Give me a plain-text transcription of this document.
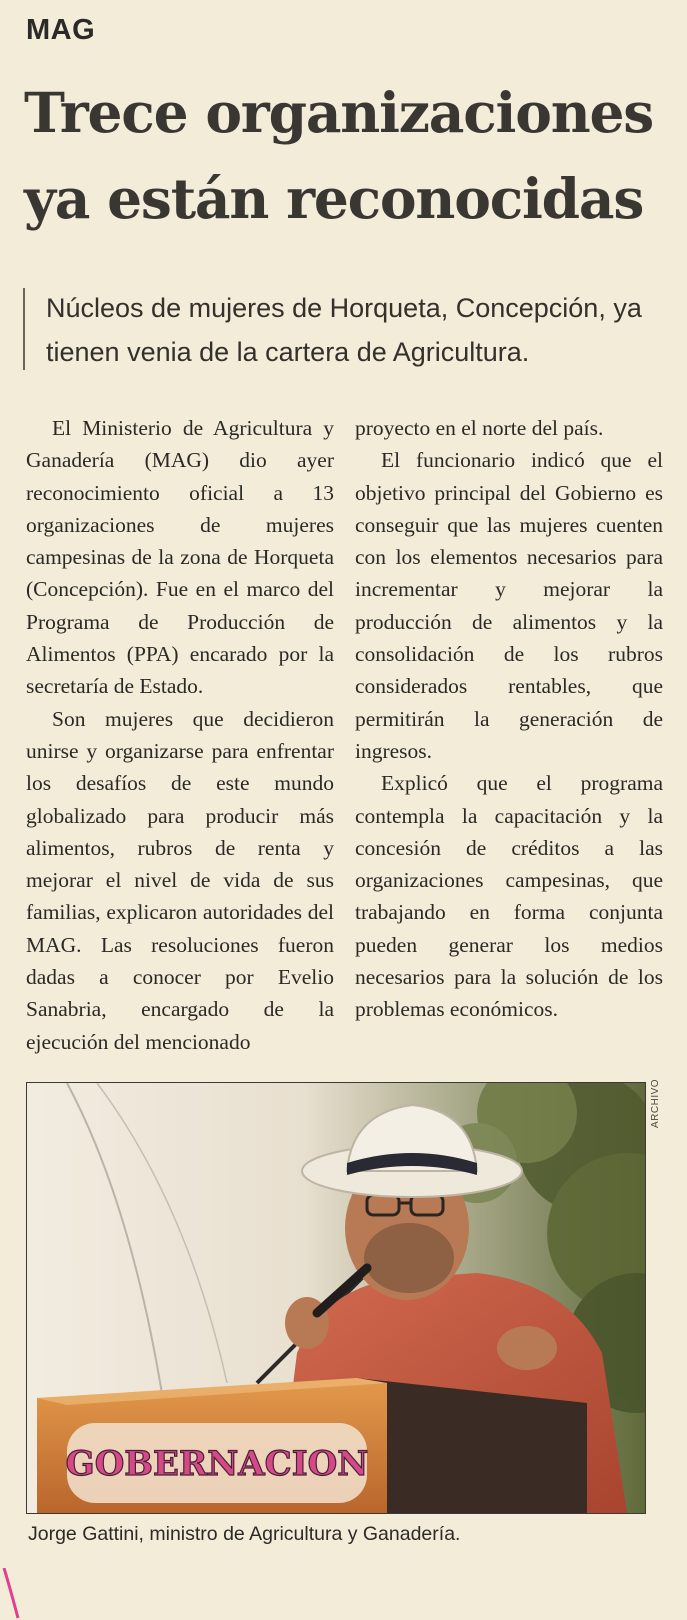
MAG
Trece organizaciones
ya están reconocidas

Núcleos de mujeres de Horqueta, Concepción, ya
tienen venia de la cartera de Agricultura.

El Ministerio de Agricultura y Ganadería (MAG) dio ayer reconocimiento oficial a 13 organizaciones de mujeres campesinas de la zona de Horqueta (Concepción). Fue en el marco del Programa de Producción de Alimentos (PPA) encarado por la secretaría de Estado.

Son mujeres que decidieron unirse y organizarse para enfrentar los desafíos de este mundo globalizado para producir más alimentos, rubros de renta y mejorar el nivel de vida de sus familias, explicaron autoridades del MAG. Las resoluciones fueron dadas a conocer por Evelio Sanabria, encargado de la ejecución del mencionado

proyecto en el norte del país.

El funcionario indicó que el objetivo principal del Gobierno es conseguir que las mujeres cuenten con los elementos necesarios para incrementar y mejorar la producción de alimentos y la consolidación de los rubros considerados rentables, que permitirán la generación de ingresos.

Explicó que el programa contempla la capacitación y la concesión de créditos a las organizaciones campesinas, que trabajando en forma conjunta pueden generar los medios necesarios para la solución de los problemas económicos.

GOBERNACION
ARCHIVO
Jorge Gattini, ministro de Agricultura y Ganadería.
